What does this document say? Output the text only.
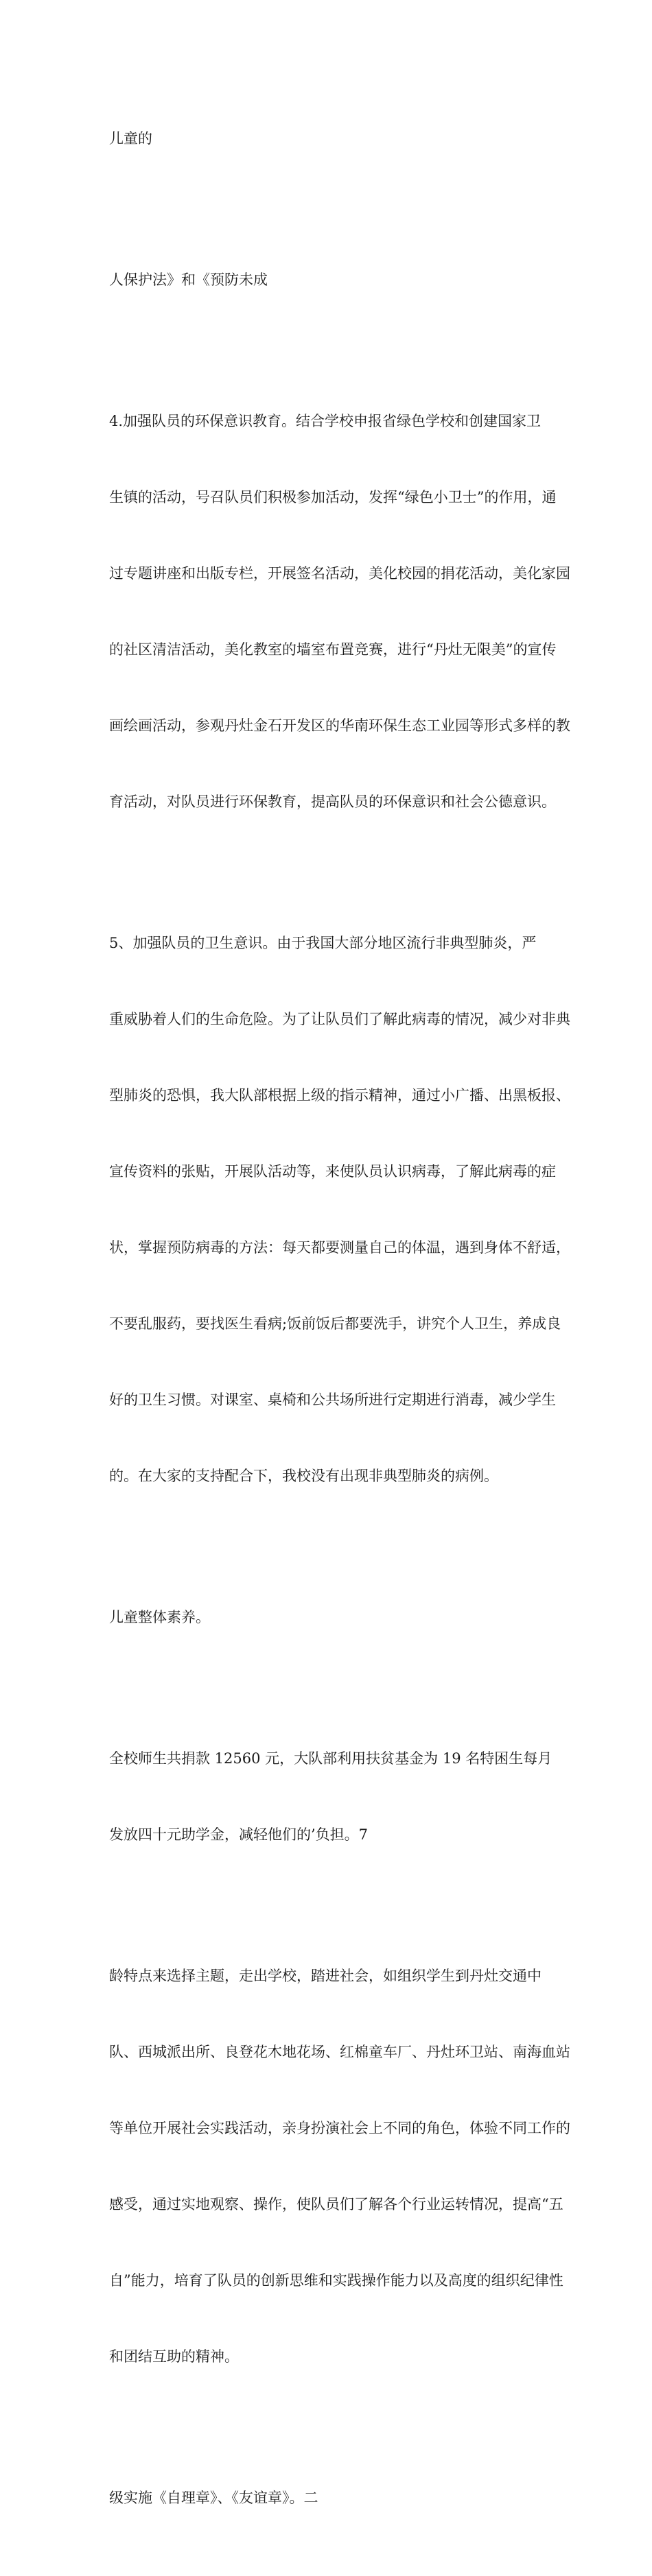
儿童的

人保护法》和《预防未成

4.加强队员的环保意识教育。结合学校申报省绿色学校和创建国家卫

生镇的活动，号召队员们积极参加活动，发挥“绿色小卫士”的作用，通

过专题讲座和出版专栏，开展签名活动，美化校园的捐花活动，美化家园

的社区清洁活动，美化教室的墙室布置竞赛，进行“丹灶无限美”的宣传

画绘画活动，参观丹灶金石开发区的华南环保生态工业园等形式多样的教

育活动，对队员进行环保教育，提高队员的环保意识和社会公德意识。

5、加强队员的卫生意识。由于我国大部分地区流行非典型肺炎，严

重威胁着人们的生命危险。为了让队员们了解此病毒的情况，减少对非典

型肺炎的恐惧，我大队部根据上级的指示精神，通过小广播、出黑板报、

宣传资料的张贴，开展队活动等，来使队员认识病毒，了解此病毒的症

状，掌握预防病毒的方法：每天都要测量自己的体温，遇到身体不舒适，

不要乱服药，要找医生看病;饭前饭后都要洗手，讲究个人卫生，养成良

好的卫生习惯。对课室、桌椅和公共场所进行定期进行消毒，减少学生

的。在大家的支持配合下，我校没有出现非典型肺炎的病例。

儿童整体素养。

全校师生共捐款 12560 元，大队部利用扶贫基金为 19 名特困生每月

发放四十元助学金，减轻他们的’负担。7

龄特点来选择主题，走出学校，踏进社会，如组织学生到丹灶交通中

队、西城派出所、良登花木地花场、红棉童车厂、丹灶环卫站、南海血站

等单位开展社会实践活动，亲身扮演社会上不同的角色，体验不同工作的

感受，通过实地观察、操作，使队员们了解各个行业运转情况，提高“五

自”能力，培育了队员的创新思维和实践操作能力以及高度的组织纪律性

和团结互助的精神。

级实施《自理章》、《友谊章》。二
